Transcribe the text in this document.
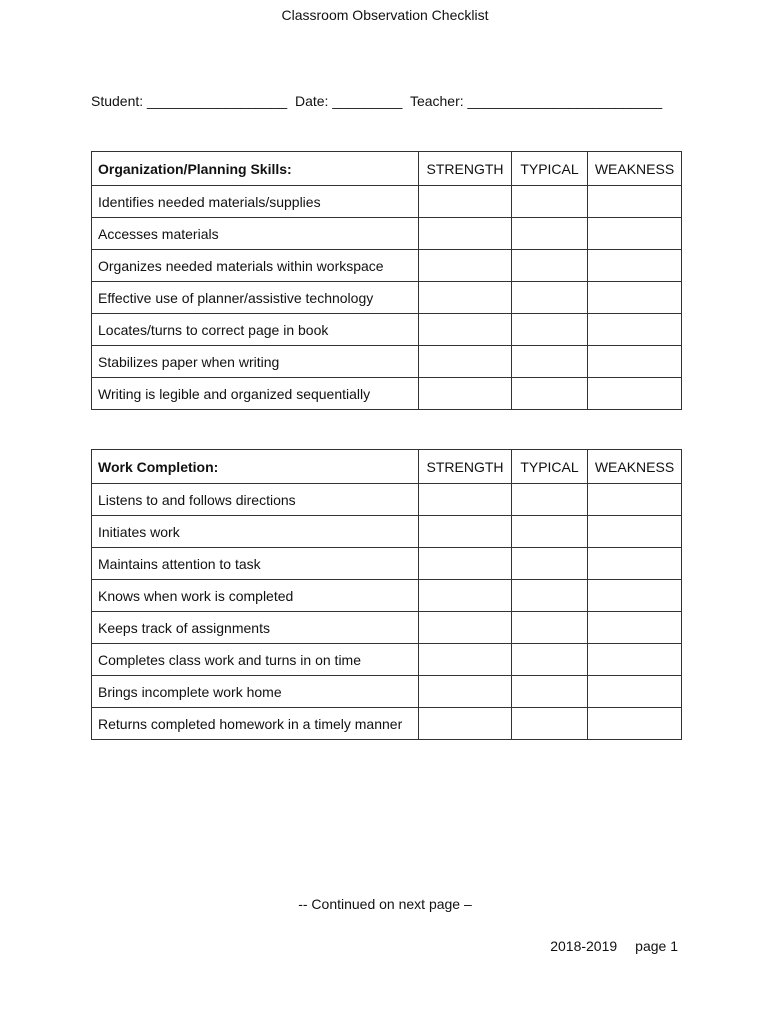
Classroom Observation Checklist
Student: __________________ Date: _________ Teacher: _________________________
Organization/Planning Skills:	STRENGTH	TYPICAL	WEAKNESS
Identifies needed materials/supplies			
Accesses materials			
Organizes needed materials within workspace			
Effective use of planner/assistive technology			
Locates/turns to correct page in book			
Stabilizes paper when writing			
Writing is legible and organized sequentially			
Work Completion:	STRENGTH	TYPICAL	WEAKNESS
Listens to and follows directions			
Initiates work			
Maintains attention to task			
Knows when work is completed			
Keeps track of assignments			
Completes class work and turns in on time			
Brings incomplete work home			
Returns completed homework in a timely manner			
-- Continued on next page –
2018-2019 page 1
